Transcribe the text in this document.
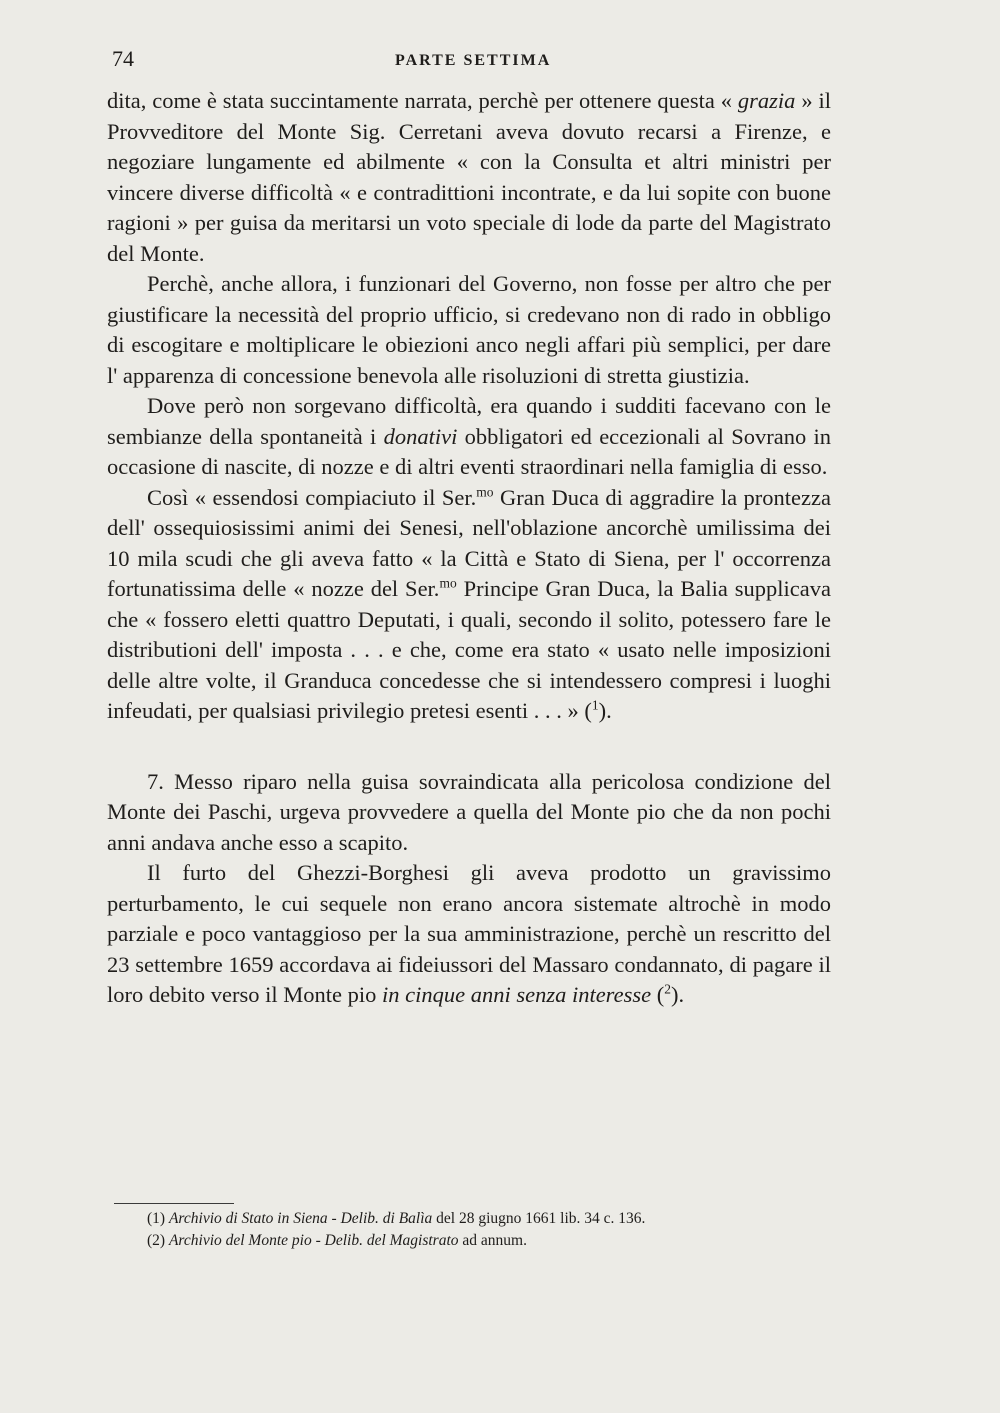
74	PARTE SETTIMA

dita, come è stata succintamente narrata, perchè per ottenere questa « grazia » il Provveditore del Monte Sig. Cerretani aveva dovuto recarsi a Firenze, e negoziare lungamente ed abilmente « con la Consulta et altri ministri per vincere diverse difficoltà « e contradittioni incontrate, e da lui sopite con buone ragioni » per guisa da meritarsi un voto speciale di lode da parte del Magistrato del Monte.

Perchè, anche allora, i funzionari del Governo, non fosse per altro che per giustificare la necessità del proprio ufficio, si credevano non di rado in obbligo di escogitare e moltiplicare le obiezioni anco negli affari più semplici, per dare l' apparenza di concessione benevola alle risoluzioni di stretta giustizia.

Dove però non sorgevano difficoltà, era quando i sudditi facevano con le sembianze della spontaneità i donativi obbligatori ed eccezionali al Sovrano in occasione di nascite, di nozze e di altri eventi straordinari nella famiglia di esso.

Così « essendosi compiaciuto il Ser.$^{mo}$ Gran Duca di aggradire la prontezza dell' ossequiosissimi animi dei Senesi, nell'oblazione ancorchè umilissima dei 10 mila scudi che gli aveva fatto « la Città e Stato di Siena, per l' occorrenza fortunatissima delle « nozze del Ser.$^{mo}$ Principe Gran Duca, la Balia supplicava che « fossero eletti quattro Deputati, i quali, secondo il solito, potessero fare le distributioni dell' imposta . . . e che, come era stato « usato nelle imposizioni delle altre volte, il Granduca concedesse che si intendessero compresi i luoghi infeudati, per qualsiasi privilegio pretesi esenti . . . » ($^1$).

7. Messo riparo nella guisa sovraindicata alla pericolosa condizione del Monte dei Paschi, urgeva provvedere a quella del Monte pio che da non pochi anni andava anche esso a scapito.

Il furto del Ghezzi-Borghesi gli aveva prodotto un gravissimo perturbamento, le cui sequele non erano ancora sistemate altrochè in modo parziale e poco vantaggioso per la sua amministrazione, perchè un rescritto del 23 settembre 1659 accordava ai fideiussori del Massaro condannato, di pagare il loro debito verso il Monte pio in cinque anni senza interesse ($^2$).

(1) Archivio di Stato in Siena - Delib. di Balìa del 28 giugno 1661 lib. 34 c. 136.

(2) Archivio del Monte pio - Delib. del Magistrato ad annum.
